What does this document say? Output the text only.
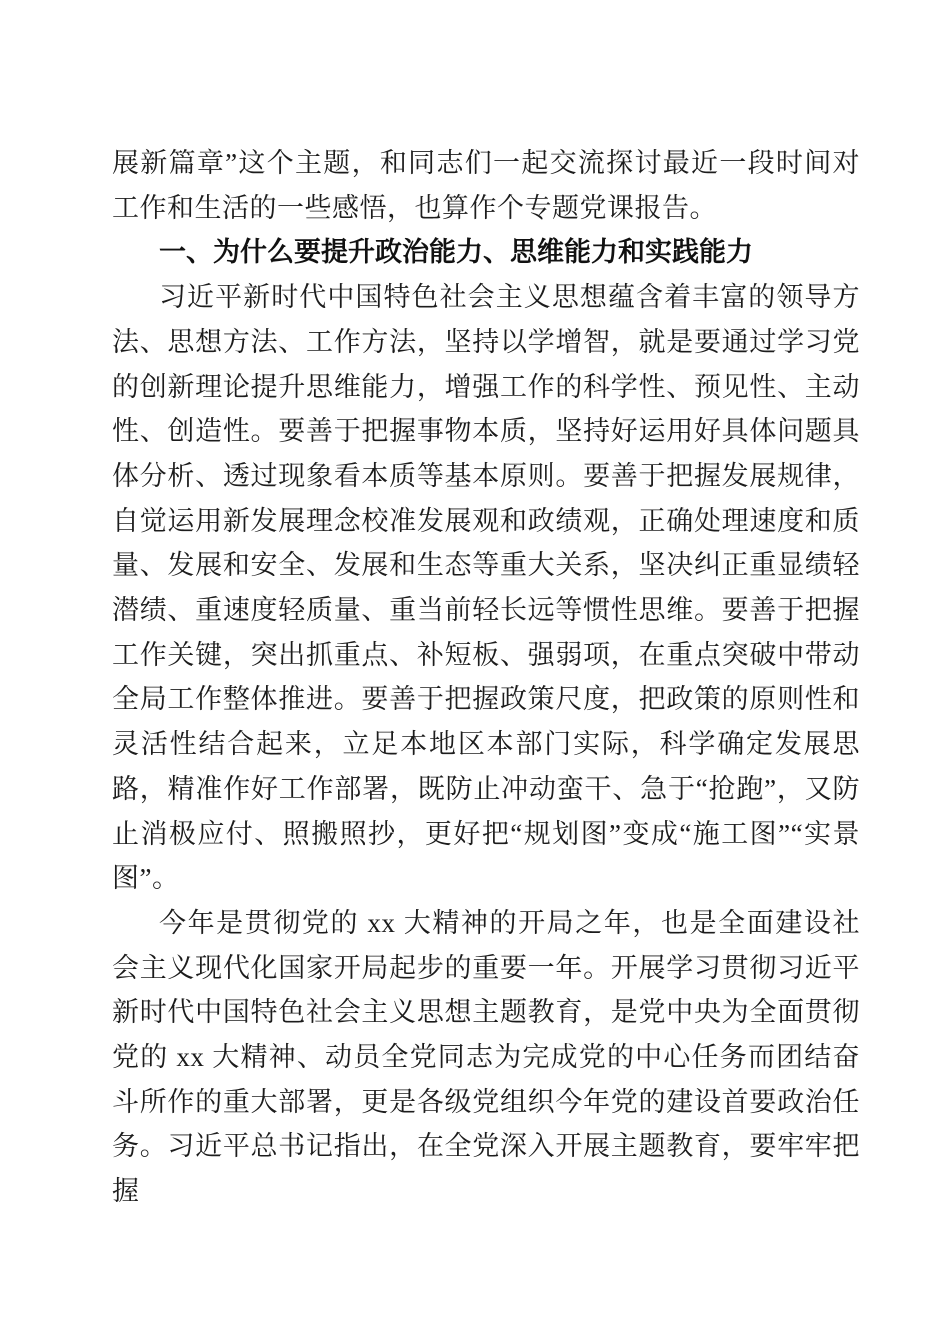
展新篇章”这个主题，和同志们一起交流探讨最近一段时间对工作和生活的一些感悟，也算作个专题党课报告。

一、为什么要提升政治能力、思维能力和实践能力

习近平新时代中国特色社会主义思想蕴含着丰富的领导方法、思想方法、工作方法，坚持以学增智，就是要通过学习党的创新理论提升思维能力，增强工作的科学性、预见性、主动性、创造性。要善于把握事物本质，坚持好运用好具体问题具体分析、透过现象看本质等基本原则。要善于把握发展规律，自觉运用新发展理念校准发展观和政绩观，正确处理速度和质量、发展和安全、发展和生态等重大关系，坚决纠正重显绩轻潜绩、重速度轻质量、重当前轻长远等惯性思维。要善于把握工作关键，突出抓重点、补短板、强弱项，在重点突破中带动全局工作整体推进。要善于把握政策尺度，把政策的原则性和灵活性结合起来，立足本地区本部门实际，科学确定发展思路，精准作好工作部署，既防止冲动蛮干、急于“抢跑”，又防止消极应付、照搬照抄，更好把“规划图”变成“施工图”“实景图”。

今年是贯彻党的 xx 大精神的开局之年，也是全面建设社会主义现代化国家开局起步的重要一年。开展学习贯彻习近平新时代中国特色社会主义思想主题教育，是党中央为全面贯彻党的 xx 大精神、动员全党同志为完成党的中心任务而团结奋斗所作的重大部署，更是各级党组织今年党的建设首要政治任务。习近平总书记指出，在全党深入开展主题教育，要牢牢把握
